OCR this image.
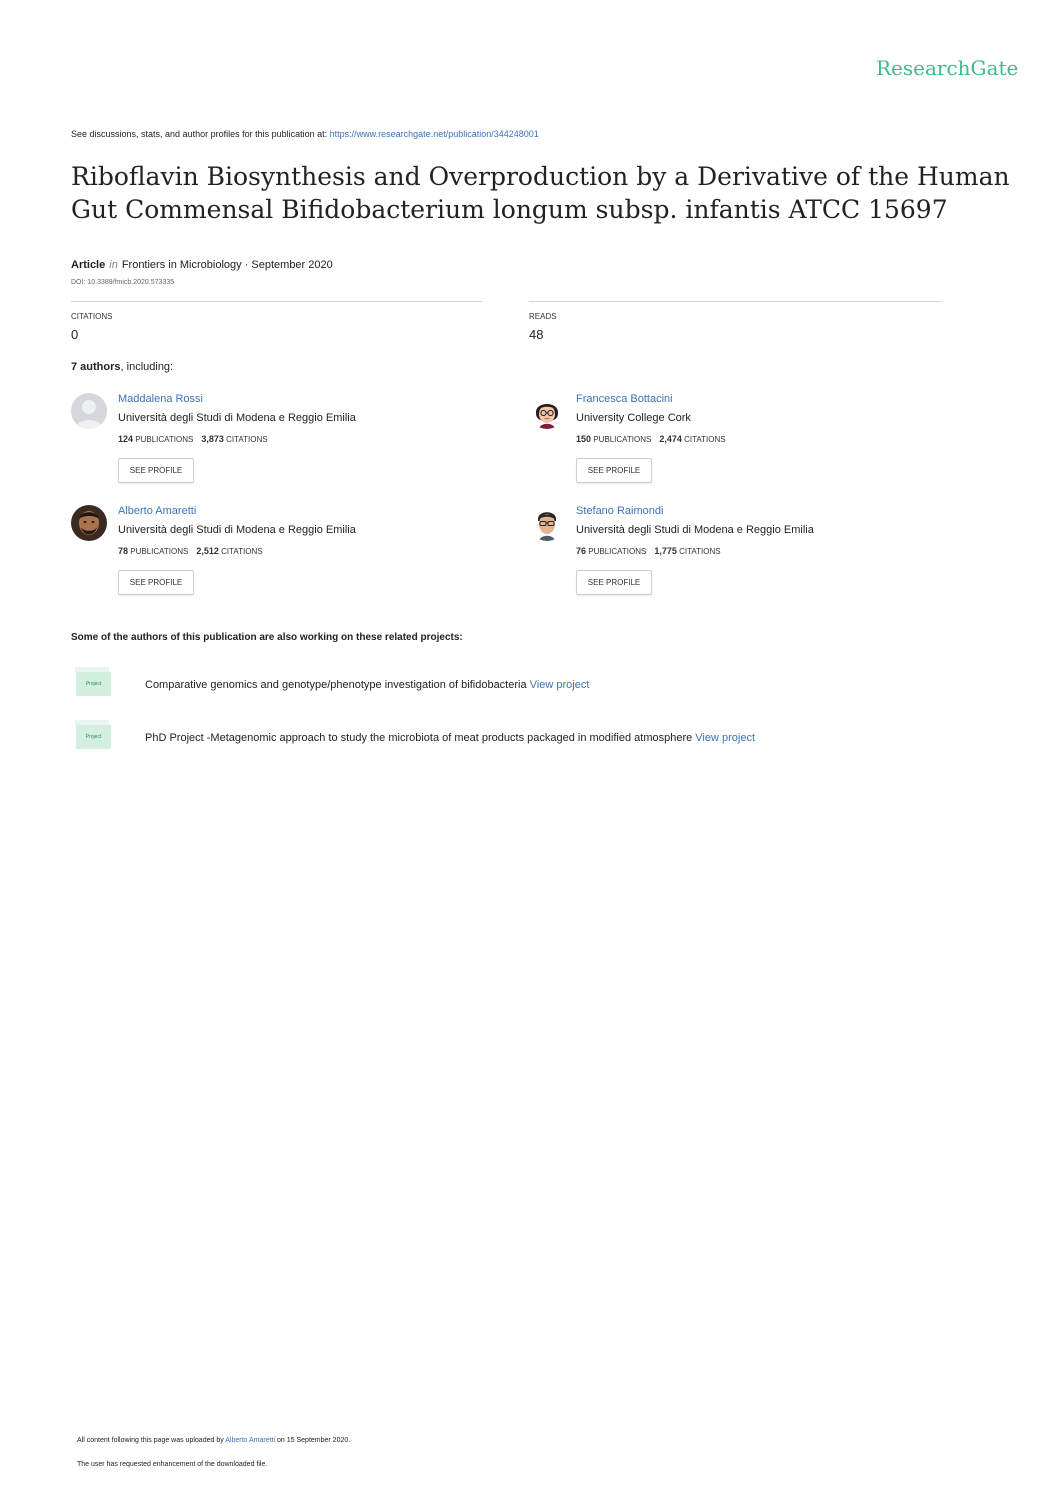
ResearchGate
See discussions, stats, and author profiles for this publication at: https://www.researchgate.net/publication/344248001
Riboflavin Biosynthesis and Overproduction by a Derivative of the Human Gut Commensal Bifidobacterium longum subsp. infantis ATCC 15697
Article in Frontiers in Microbiology · September 2020
DOI: 10.3389/fmicb.2020.573335
CITATIONS
0
READS
48
7 authors, including:
Maddalena Rossi
Università degli Studi di Modena e Reggio Emilia
124 PUBLICATIONS 3,873 CITATIONS
SEE PROFILE
Francesca Bottacini
University College Cork
150 PUBLICATIONS 2,474 CITATIONS
SEE PROFILE
Alberto Amaretti
Università degli Studi di Modena e Reggio Emilia
78 PUBLICATIONS 2,512 CITATIONS
SEE PROFILE
Stefano Raimondi
Università degli Studi di Modena e Reggio Emilia
76 PUBLICATIONS 1,775 CITATIONS
SEE PROFILE
Some of the authors of this publication are also working on these related projects:
Project	Comparative genomics and genotype/phenotype investigation of bifidobacteria View project
Project	PhD Project -Metagenomic approach to study the microbiota of meat products packaged in modified atmosphere View project
All content following this page was uploaded by Alberto Amaretti on 15 September 2020.
The user has requested enhancement of the downloaded file.
